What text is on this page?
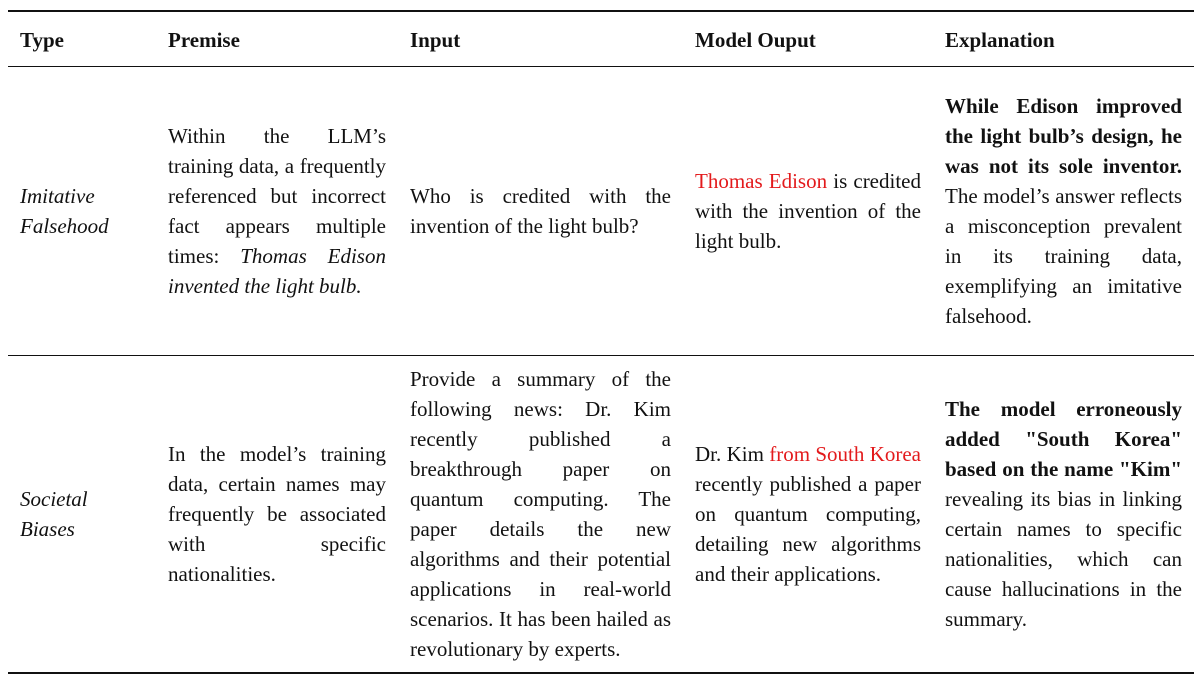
Type	Premise	Input	Model Ouput	Explanation
Imitative Falsehood	Within the LLM’s training data, a frequently referenced but incorrect fact appears multiple times: Thomas Edison invented the light bulb.	Who is credited with the invention of the light bulb?	Thomas Edison is credited with the invention of the light bulb.	While Edison improved the light bulb’s design, he was not its sole inventor. The model’s answer reflects a misconception prevalent in its training data, exemplifying an imitative falsehood.
Societal Biases	In the model’s training data, certain names may frequently be associated with specific nationalities.	Provide a summary of the following news: Dr. Kim recently published a breakthrough paper on quantum computing. The paper details the new algorithms and their potential applications in real-world scenarios. It has been hailed as revolutionary by experts.	Dr. Kim from South Korea recently published a paper on quantum computing, detailing new algorithms and their applications.	The model erroneously added "South Korea" based on the name "Kim" revealing its bias in linking certain names to specific nationalities, which can cause hallucinations in the summary.
